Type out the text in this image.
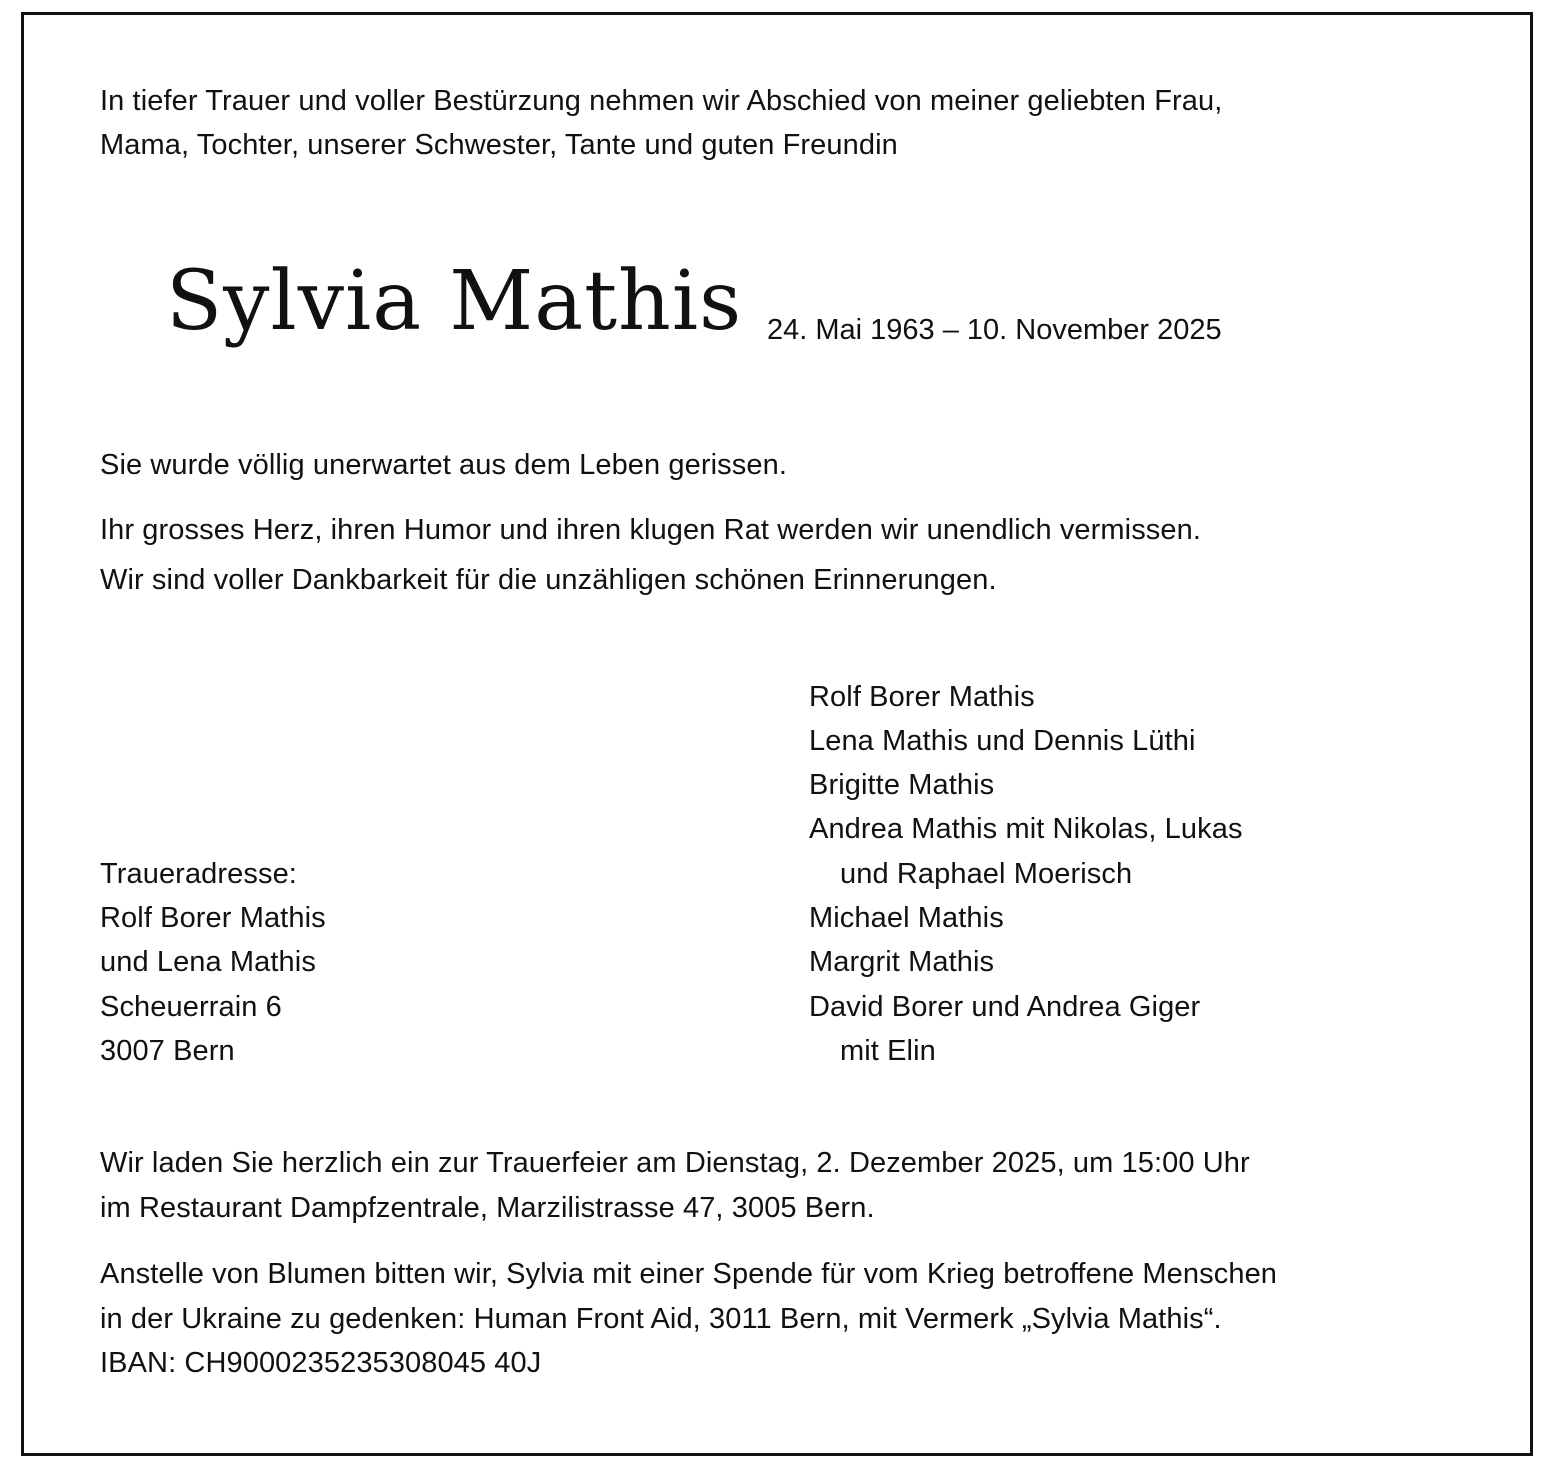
In tiefer Trauer und voller Bestürzung nehmen wir Abschied von meiner geliebten Frau,
Mama, Tochter, unserer Schwester, Tante und guten Freundin
Sylvia Mathis 24. Mai 1963 – 10. November 2025
Sie wurde völlig unerwartet aus dem Leben gerissen.
Ihr grosses Herz, ihren Humor und ihren klugen Rat werden wir unendlich vermissen.
Wir sind voller Dankbarkeit für die unzähligen schönen Erinnerungen.
Rolf Borer Mathis
Lena Mathis und Dennis Lüthi
Brigitte Mathis
Andrea Mathis mit Nikolas, Lukas
und Raphael Moerisch
Michael Mathis
Margrit Mathis
David Borer und Andrea Giger
mit Elin
Traueradresse:
Rolf Borer Mathis
und Lena Mathis
Scheuerrain 6
3007 Bern
Wir laden Sie herzlich ein zur Trauerfeier am Dienstag, 2. Dezember 2025, um 15:00 Uhr
im Restaurant Dampfzentrale, Marzilistrasse 47, 3005 Bern.
Anstelle von Blumen bitten wir, Sylvia mit einer Spende für vom Krieg betroffene Menschen
in der Ukraine zu gedenken: Human Front Aid, 3011 Bern, mit Vermerk „Sylvia Mathis“.
IBAN: CH9000235235308045 40J
